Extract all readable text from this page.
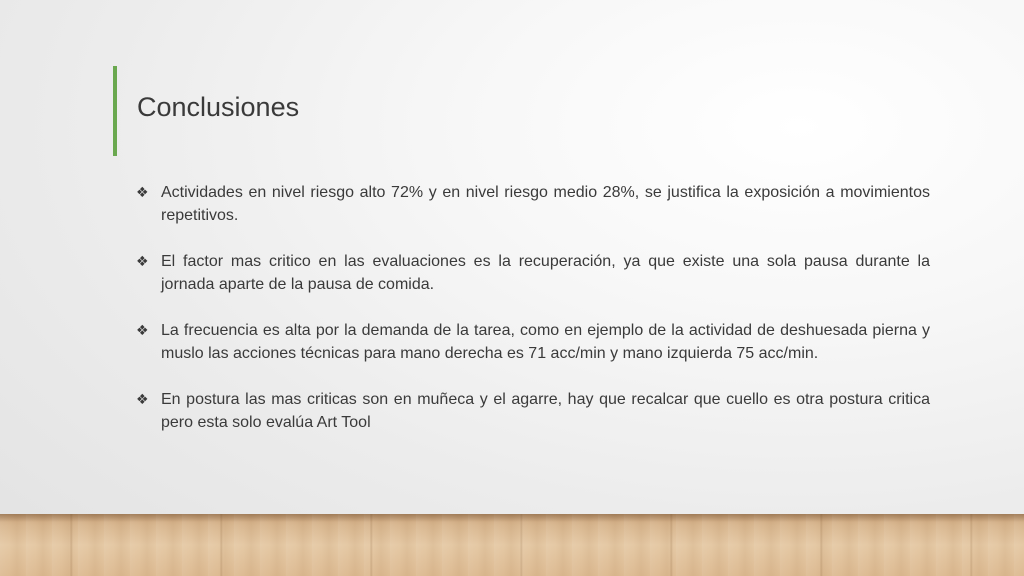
Conclusiones
❖ Actividades en nivel riesgo alto 72% y en nivel riesgo medio 28%, se justifica la exposición a movimientos repetitivos.
❖ El factor mas critico en las evaluaciones es la recuperación, ya que existe una sola pausa durante la jornada aparte de la pausa de comida.
❖ La frecuencia es alta por la demanda de la tarea, como en ejemplo de la actividad de deshuesada pierna y muslo las acciones técnicas para mano derecha es 71 acc/min y mano izquierda 75 acc/min.
❖ En postura las mas criticas son en muñeca y el agarre, hay que recalcar que cuello es otra postura critica pero esta solo evalúa Art Tool
